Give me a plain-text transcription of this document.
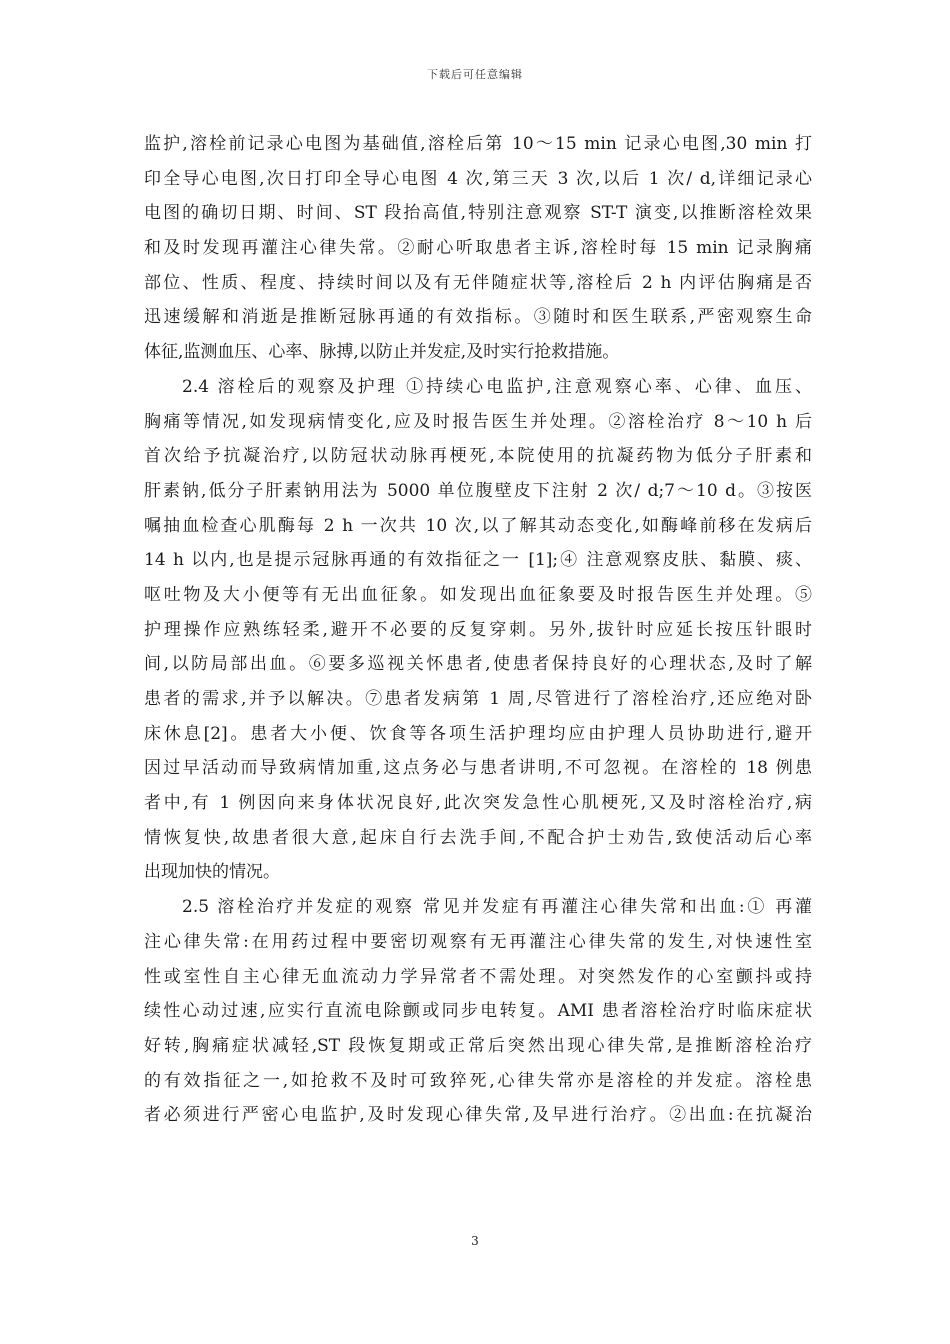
下载后可任意编辑
监护,溶栓前记录心电图为基础值,溶栓后第 10～15 min 记录心电图,30 min 打
印全导心电图,次日打印全导心电图 4 次,第三天 3 次,以后 1 次/ d,详细记录心
电图的确切日期、时间、ST 段抬高值,特别注意观察 ST-T 演变,以推断溶栓效果
和及时发现再灌注心律失常。②耐心听取患者主诉,溶栓时每 15 min 记录胸痛
部位、性质、程度、持续时间以及有无伴随症状等,溶栓后 2 h 内评估胸痛是否
迅速缓解和消逝是推断冠脉再通的有效指标。③随时和医生联系,严密观察生命
体征,监测血压、心率、脉搏,以防止并发症,及时实行抢救措施。
2.4 溶栓后的观察及护理 ①持续心电监护,注意观察心率、心律、血压、
胸痛等情况,如发现病情变化,应及时报告医生并处理。②溶栓治疗 8～10 h 后
首次给予抗凝治疗,以防冠状动脉再梗死,本院使用的抗凝药物为低分子肝素和
肝素钠,低分子肝素钠用法为 5000 单位腹壁皮下注射 2 次/ d;7～10 d。③按医
嘱抽血检查心肌酶每 2 h 一次共 10 次,以了解其动态变化,如酶峰前移在发病后
14 h 以内,也是提示冠脉再通的有效指征之一 [1];④ 注意观察皮肤、黏膜、痰、
呕吐物及大小便等有无出血征象。如发现出血征象要及时报告医生并处理。⑤
护理操作应熟练轻柔,避开不必要的反复穿刺。另外,拔针时应延长按压针眼时
间,以防局部出血。⑥要多巡视关怀患者,使患者保持良好的心理状态,及时了解
患者的需求,并予以解决。⑦患者发病第 1 周,尽管进行了溶栓治疗,还应绝对卧
床休息[2]。患者大小便、饮食等各项生活护理均应由护理人员协助进行,避开
因过早活动而导致病情加重,这点务必与患者讲明,不可忽视。在溶栓的 18 例患
者中,有 1 例因向来身体状况良好,此次突发急性心肌梗死,又及时溶栓治疗,病
情恢复快,故患者很大意,起床自行去洗手间,不配合护士劝告,致使活动后心率
出现加快的情况。
2.5 溶栓治疗并发症的观察 常见并发症有再灌注心律失常和出血:① 再灌
注心律失常:在用药过程中要密切观察有无再灌注心律失常的发生,对快速性室
性或室性自主心律无血流动力学异常者不需处理。对突然发作的心室颤抖或持
续性心动过速,应实行直流电除颤或同步电转复。AMI 患者溶栓治疗时临床症状
好转,胸痛症状减轻,ST 段恢复期或正常后突然出现心律失常,是推断溶栓治疗
的有效指征之一,如抢救不及时可致猝死,心律失常亦是溶栓的并发症。溶栓患
者必须进行严密心电监护,及时发现心律失常,及早进行治疗。②出血:在抗凝治
3
